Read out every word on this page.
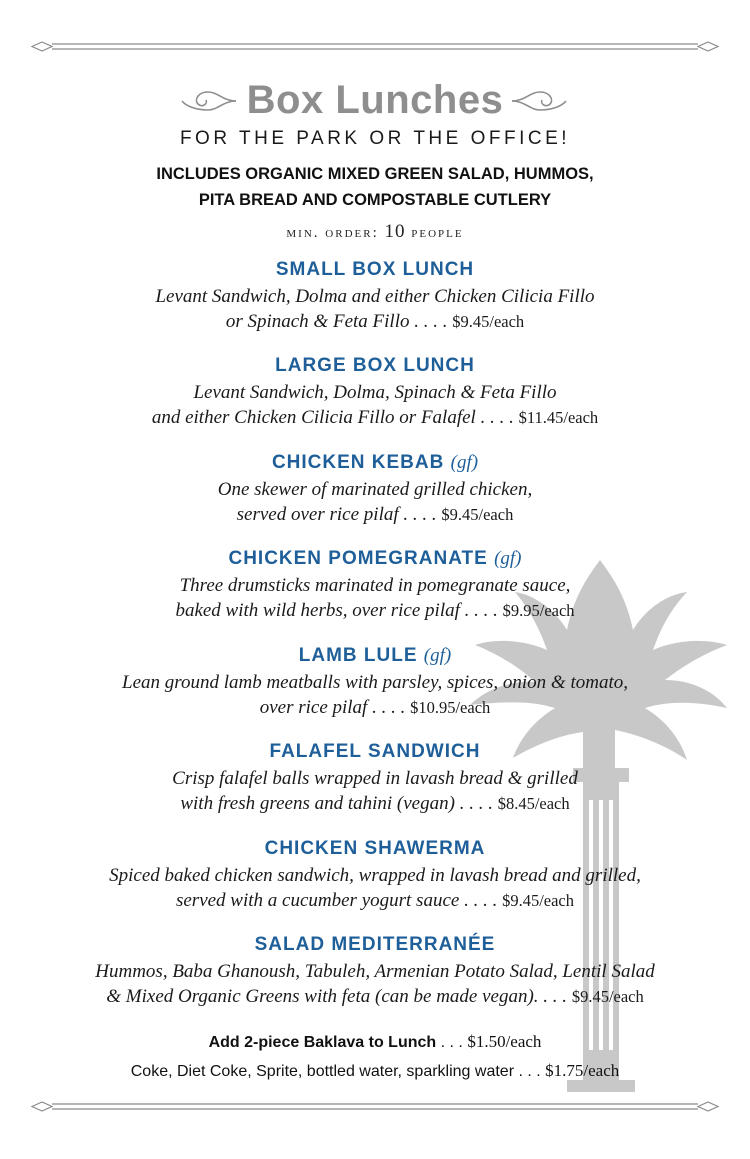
Box Lunches
FOR THE PARK OR THE OFFICE!
INCLUDES ORGANIC MIXED GREEN SALAD, HUMMOS,
PITA BREAD AND COMPOSTABLE CUTLERY
min. order: 10 people
SMALL BOX LUNCH
Levant Sandwich, Dolma and either Chicken Cilicia Fillo
or Spinach & Feta Fillo . . . . $9.45/each
LARGE BOX LUNCH
Levant Sandwich, Dolma, Spinach & Feta Fillo
and either Chicken Cilicia Fillo or Falafel . . . . $11.45/each
CHICKEN KEBAB (gf)
One skewer of marinated grilled chicken,
served over rice pilaf . . . . $9.45/each
CHICKEN POMEGRANATE (gf)
Three drumsticks marinated in pomegranate sauce,
baked with wild herbs, over rice pilaf . . . . $9.95/each
LAMB LULE (gf)
Lean ground lamb meatballs with parsley, spices, onion & tomato,
over rice pilaf . . . . $10.95/each
FALAFEL SANDWICH
Crisp falafel balls wrapped in lavash bread & grilled
with fresh greens and tahini (vegan) . . . . $8.45/each
CHICKEN SHAWERMA
Spiced baked chicken sandwich, wrapped in lavash bread and grilled,
served with a cucumber yogurt sauce . . . . $9.45/each
SALAD MEDITERRANÉE
Hummos, Baba Ghanoush, Tabuleh, Armenian Potato Salad, Lentil Salad
& Mixed Organic Greens with feta (can be made vegan). . . . $9.45/each
Add 2-piece Baklava to Lunch . . . $1.50/each
Coke, Diet Coke, Sprite, bottled water, sparkling water . . . $1.75/each
